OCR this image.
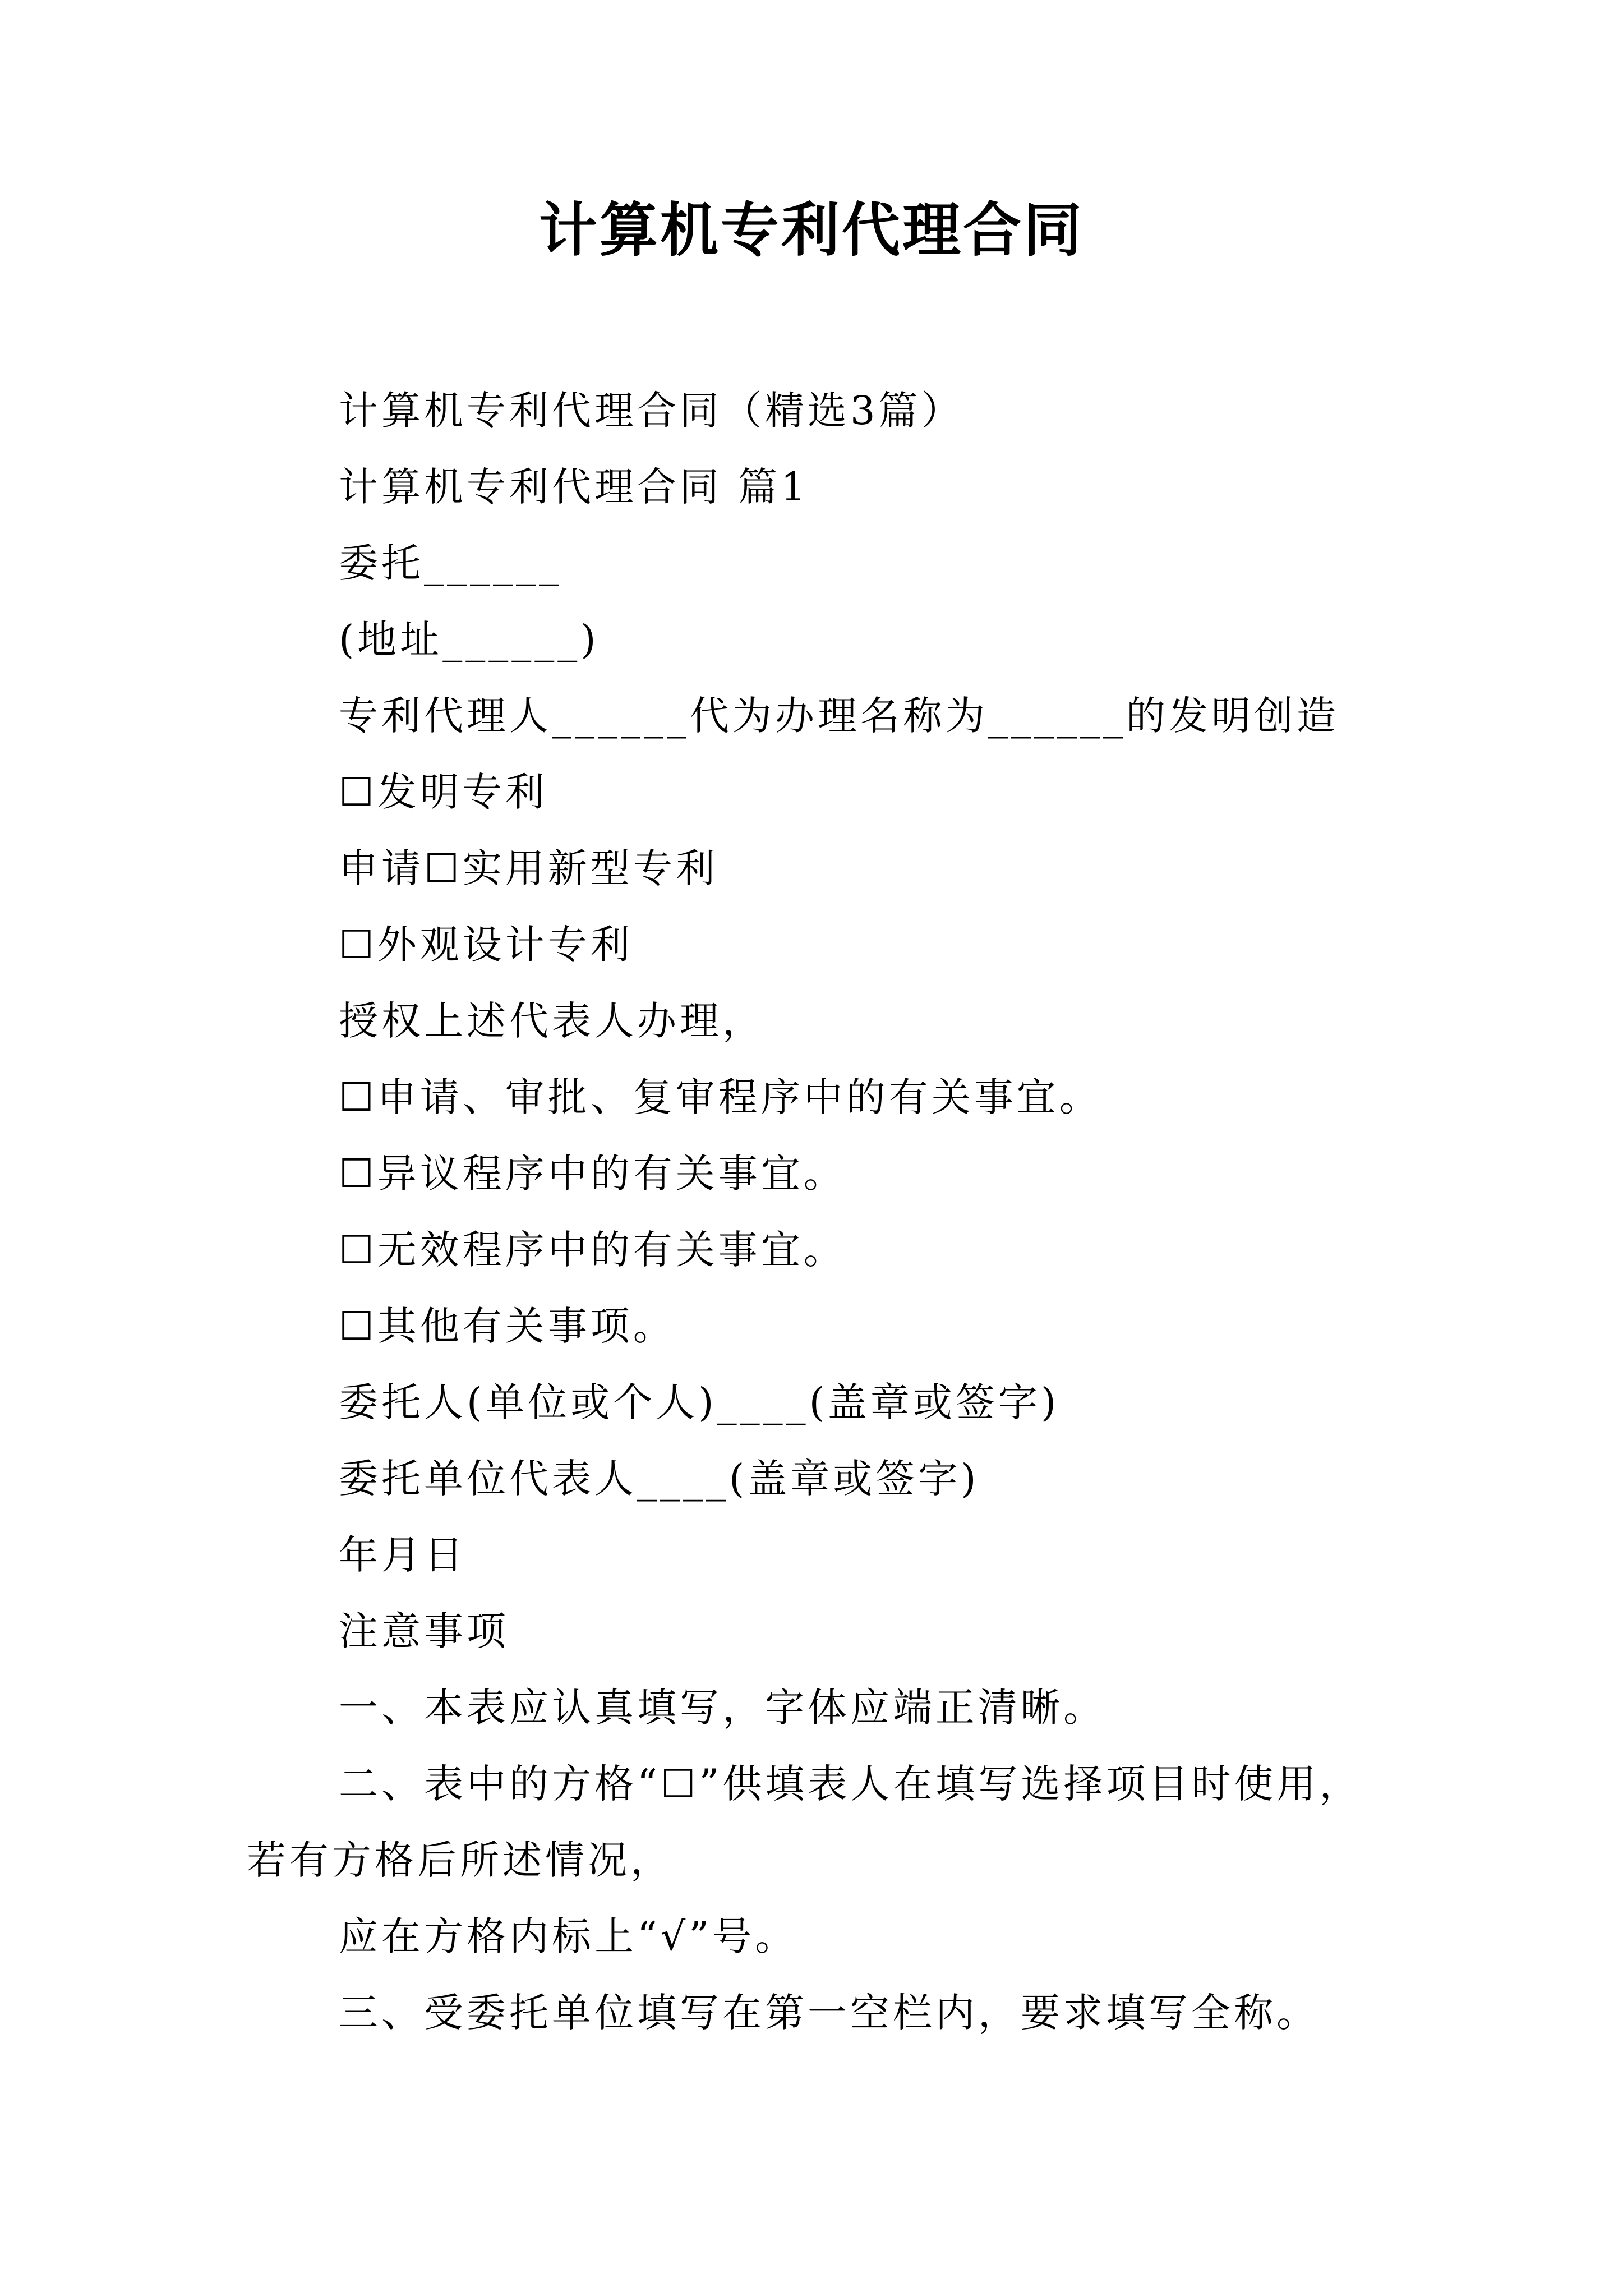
计算机专利代理合同
计算机专利代理合同（精选3篇）
计算机专利代理合同 篇1
委托______
(地址______)
专利代理人______代为办理名称为______的发明创造
☐发明专利
申请☐实用新型专利
☐外观设计专利
授权上述代表人办理，
☐申请、审批、复审程序中的有关事宜。
☐异议程序中的有关事宜。
☐无效程序中的有关事宜。
☐其他有关事项。
委托人(单位或个人)____(盖章或签字)
委托单位代表人____(盖章或签字)
年月日
注意事项
一、本表应认真填写，字体应端正清晰。
二、表中的方格“☐”供填表人在填写选择项目时使用，
若有方格后所述情况，
应在方格内标上“√”号。
三、受委托单位填写在第一空栏内，要求填写全称。
